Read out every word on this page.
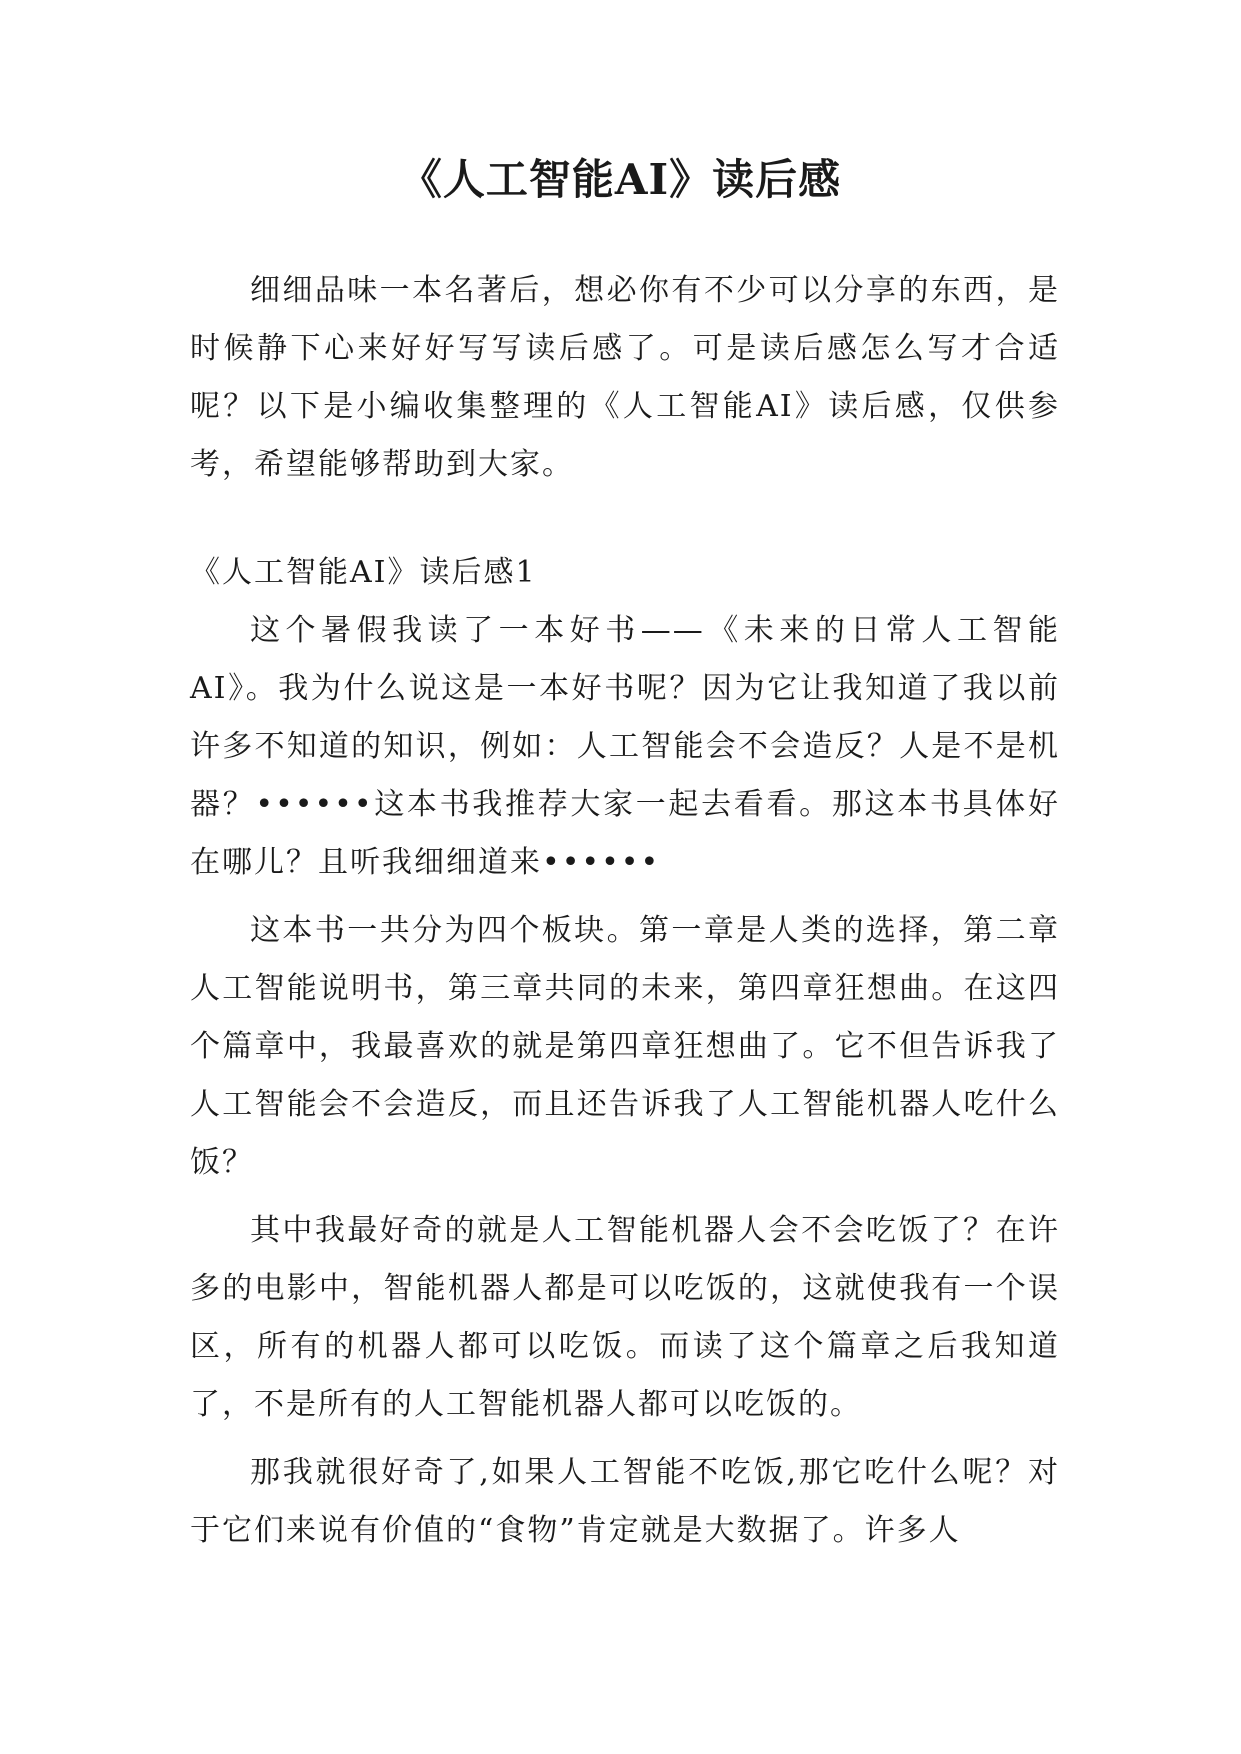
《人工智能AI》读后感

细细品味一本名著后，想必你有不少可以分享的东西，是时候静下心来好好写写读后感了。可是读后感怎么写才合适呢？以下是小编收集整理的《人工智能AI》读后感，仅供参考，希望能够帮助到大家。

《人工智能AI》读后感1

这个暑假我读了一本好书——《未来的日常人工智能AI》。我为什么说这是一本好书呢？因为它让我知道了我以前许多不知道的知识，例如：人工智能会不会造反？人是不是机器？••••••这本书我推荐大家一起去看看。那这本书具体好在哪儿？且听我细细道来••••••

这本书一共分为四个板块。第一章是人类的选择，第二章人工智能说明书，第三章共同的未来，第四章狂想曲。在这四个篇章中，我最喜欢的就是第四章狂想曲了。它不但告诉我了人工智能会不会造反，而且还告诉我了人工智能机器人吃什么饭？

其中我最好奇的就是人工智能机器人会不会吃饭了？在许多的电影中，智能机器人都是可以吃饭的，这就使我有一个误区，所有的机器人都可以吃饭。而读了这个篇章之后我知道了，不是所有的人工智能机器人都可以吃饭的。

那我就很好奇了,如果人工智能不吃饭,那它吃什么呢？对于它们来说有价值的“食物”肯定就是大数据了。许多人
